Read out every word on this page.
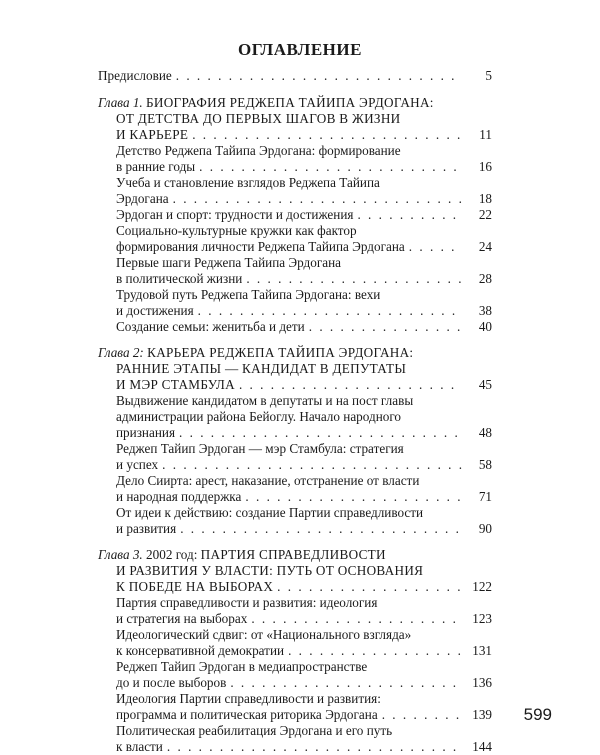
ОГЛАВЛЕНИЕ
Предисловие . . .	5
Глава 1. БИОГРАФИЯ РЕДЖЕПА ТАЙИПА ЭРДОГАНА:
ОТ ДЕТСТВА ДО ПЕРВЫХ ШАГОВ В ЖИЗНИ
И КАРЬЕРЕ . . .	11
Детство Реджепа Тайипа Эрдогана: формирование
в ранние годы . . .	16
Учеба и становление взглядов Реджепа Тайипа
Эрдогана . . .	18
Эрдоган и спорт: трудности и достижения . . .	22
Социально-культурные кружки как фактор
формирования личности Реджепа Тайипа Эрдогана . . .	24
Первые шаги Реджепа Тайипа Эрдогана
в политической жизни . . .	28
Трудовой путь Реджепа Тайипа Эрдогана: вехи
и достижения . . .	38
Создание семьи: женитьба и дети . . .	40
Глава 2: КАРЬЕРА РЕДЖЕПА ТАЙИПА ЭРДОГАНА:
РАННИЕ ЭТАПЫ — КАНДИДАТ В ДЕПУТАТЫ
И МЭР СТАМБУЛА . . .	45
Выдвижение кандидатом в депутаты и на пост главы
администрации района Бейоглу. Начало народного
признания . . .	48
Реджеп Тайип Эрдоган — мэр Стамбула: стратегия
и успех . . .	58
Дело Сиирта: арест, наказание, отстранение от власти
и народная поддержка . . .	71
От идеи к действию: создание Партии справедливости
и развития . . .	90
Глава 3. 2002 год: ПАРТИЯ СПРАВЕДЛИВОСТИ
И РАЗВИТИЯ У ВЛАСТИ: ПУТЬ ОТ ОСНОВАНИЯ
К ПОБЕДЕ НА ВЫБОРАХ . . .	122
Партия справедливости и развития: идеология
и стратегия на выборах . . .	123
Идеологический сдвиг: от «Национального взгляда»
к консервативной демократии . . .	131
Реджеп Тайип Эрдоган в медиапространстве
до и после выборов . . .	136
Идеология Партии справедливости и развития:
программа и политическая риторика Эрдогана . . .	139
Политическая реабилитация Эрдогана и его путь
к власти . . .	144
599
